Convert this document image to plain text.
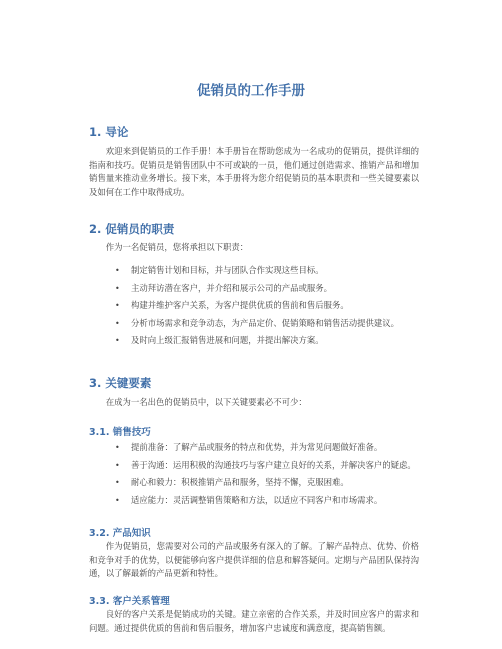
促销员的工作手册
1. 导论

欢迎来到促销员的工作手册！本手册旨在帮助您成为一名成功的促销员，提供详细的指南和技巧。促销员是销售团队中不可或缺的一员，他们通过创造需求、推销产品和增加销售量来推动业务增长。接下来，本手册将为您介绍促销员的基本职责和一些关键要素以及如何在工作中取得成功。

2. 促销员的职责

作为一名促销员，您将承担以下职责：

• 制定销售计划和目标，并与团队合作实现这些目标。
• 主动拜访潜在客户，并介绍和展示公司的产品或服务。
• 构建并维护客户关系，为客户提供优质的售前和售后服务。
• 分析市场需求和竞争动态，为产品定价、促销策略和销售活动提供建议。
• 及时向上级汇报销售进展和问题，并提出解决方案。
3. 关键要素

在成为一名出色的促销员中，以下关键要素必不可少：

3.1. 销售技巧
• 提前准备：了解产品或服务的特点和优势，并为常见问题做好准备。
• 善于沟通：运用积极的沟通技巧与客户建立良好的关系，并解决客户的疑虑。
• 耐心和毅力：积极推销产品和服务，坚持不懈，克服困难。
• 适应能力：灵活调整销售策略和方法，以适应不同客户和市场需求。
3.2. 产品知识

作为促销员，您需要对公司的产品或服务有深入的了解。了解产品特点、优势、价格和竞争对手的优势，以便能够向客户提供详细的信息和解答疑问。定期与产品团队保持沟通，以了解最新的产品更新和特性。

3.3. 客户关系管理

良好的客户关系是促销成功的关键。建立亲密的合作关系，并及时回应客户的需求和问题。通过提供优质的售前和售后服务，增加客户忠诚度和满意度，提高销售额。
